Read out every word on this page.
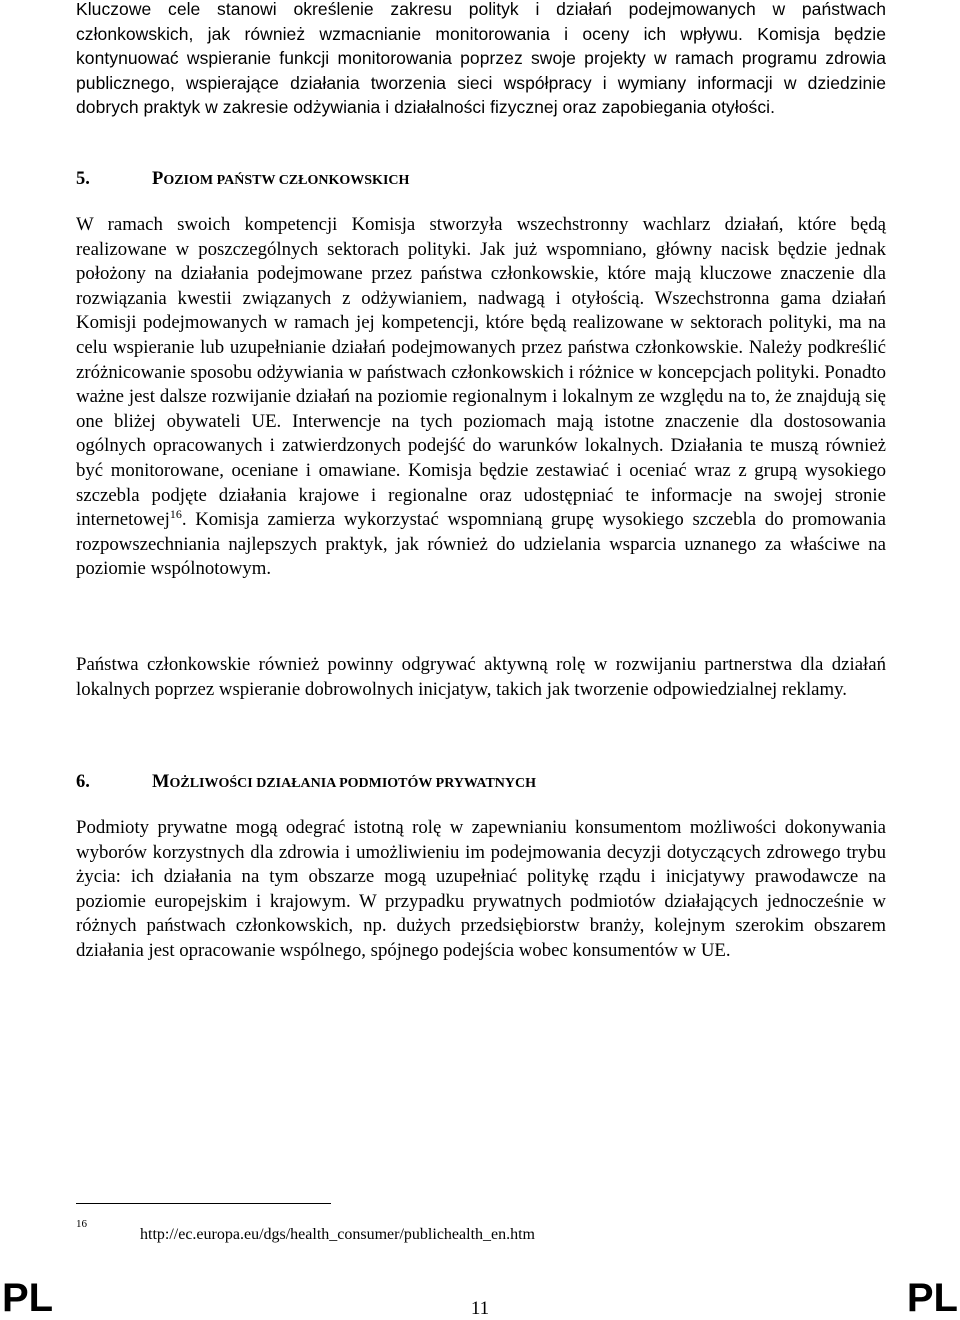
Kluczowe cele stanowi określenie zakresu polityk i działań podejmowanych w państwach członkowskich, jak również wzmacnianie monitorowania i oceny ich wpływu. Komisja będzie kontynuować wspieranie funkcji monitorowania poprzez swoje projekty w ramach programu zdrowia publicznego, wspierające działania tworzenia sieci współpracy i wymiany informacji w dziedzinie dobrych praktyk w zakresie odżywiania i działalności fizycznej oraz zapobiegania otyłości.

5.	POZIOM PAŃSTW CZŁONKOWSKICH

W ramach swoich kompetencji Komisja stworzyła wszechstronny wachlarz działań, które będą realizowane w poszczególnych sektorach polityki. Jak już wspomniano, główny nacisk będzie jednak położony na działania podejmowane przez państwa członkowskie, które mają kluczowe znaczenie dla rozwiązania kwestii związanych z odżywianiem, nadwagą i otyłością. Wszechstronna gama działań Komisji podejmowanych w ramach jej kompetencji, które będą realizowane w sektorach polityki, ma na celu wspieranie lub uzupełnianie działań podejmowanych przez państwa członkowskie. Należy podkreślić zróżnicowanie sposobu odżywiania w państwach członkowskich i różnice w koncepcjach polityki. Ponadto ważne jest dalsze rozwijanie działań na poziomie regionalnym i lokalnym ze względu na to, że znajdują się one bliżej obywateli UE. Interwencje na tych poziomach mają istotne znaczenie dla dostosowania ogólnych opracowanych i zatwierdzonych podejść do warunków lokalnych. Działania te muszą również być monitorowane, oceniane i omawiane. Komisja będzie zestawiać i oceniać wraz z grupą wysokiego szczebla podjęte działania krajowe i regionalne oraz udostępniać te informacje na swojej stronie internetowej$^{16}$. Komisja zamierza wykorzystać wspomnianą grupę wysokiego szczebla do promowania rozpowszechniania najlepszych praktyk, jak również do udzielania wsparcia uznanego za właściwe na poziomie wspólnotowym.

Państwa członkowskie również powinny odgrywać aktywną rolę w rozwijaniu partnerstwa dla działań lokalnych poprzez wspieranie dobrowolnych inicjatyw, takich jak tworzenie odpowiedzialnej reklamy.

6.	MOŻLIWOŚCI DZIAŁANIA PODMIOTÓW PRYWATNYCH

Podmioty prywatne mogą odegrać istotną rolę w zapewnianiu konsumentom możliwości dokonywania wyborów korzystnych dla zdrowia i umożliwieniu im podejmowania decyzji dotyczących zdrowego trybu życia: ich działania na tym obszarze mogą uzupełniać politykę rządu i inicjatywy prawodawcze na poziomie europejskim i krajowym. W przypadku prywatnych podmiotów działających jednocześnie w różnych państwach członkowskich, np. dużych przedsiębiorstw branży, kolejnym szerokim obszarem działania jest opracowanie wspólnego, spójnego podejścia wobec konsumentów w UE.

16
http://ec.europa.eu/dgs/health_consumer/publichealth_en.htm
PL	11	PL
